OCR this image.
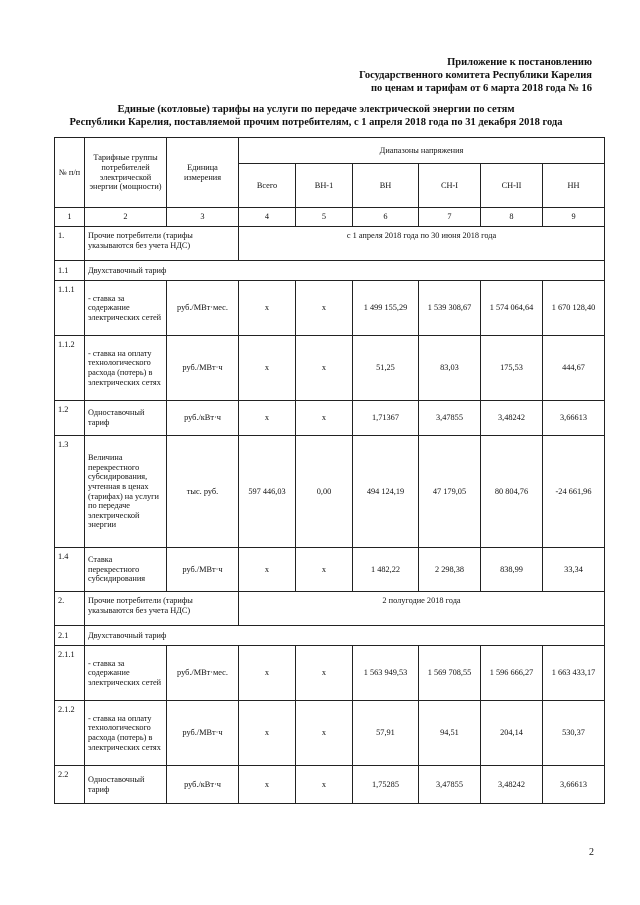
Приложение к постановлению
Государственного комитета Республики Карелия
по ценам и тарифам от 6 марта 2018 года № 16
Единые (котловые) тарифы на услуги по передаче электрической энергии по сетям
Республики Карелия, поставляемой прочим потребителям, с 1 апреля 2018 года по 31 декабря 2018 года
№ п/п	Тарифные группы потребителей электрической энергии (мощности)	Единица измерения	Диапазоны напряжения					
			Всего	ВН-1	ВН	СН-I	СН-II	НН
1	2	3	4	5	6	7	8	9
1.	Прочие потребители (тарифы указываются без учета НДС)		с 1 апреля 2018 года по 30 июня 2018 года					
1.1	Двухставочный тариф							
1.1.1	- ставка за содержание электрических сетей	руб./МВт·мес.	х	х	1 499 155,29	1 539 308,67	1 574 064,64	1 670 128,40
1.1.2	- ставка на оплату технологического расхода (потерь) в электрических сетях	руб./МВт·ч	х	х	51,25	83,03	175,53	444,67
1.2	Одноставочный тариф	руб./кВт·ч	х	х	1,71367	3,47855	3,48242	3,66613
1.3	Величина перекрестного субсидирования, учтенная в ценах (тарифах) на услуги по передаче электрической энергии	тыс. руб.	597 446,03	0,00	494 124,19	47 179,05	80 804,76	-24 661,96
1.4	Ставка перекрестного субсидирования	руб./МВт·ч	х	х	1 482,22	2 298,38	838,99	33,34
2.	Прочие потребители (тарифы указываются без учета НДС)		2 полугодие 2018 года					
2.1	Двухставочный тариф							
2.1.1	- ставка за содержание электрических сетей	руб./МВт·мес.	х	х	1 563 949,53	1 569 708,55	1 596 666,27	1 663 433,17
2.1.2	- ставка на оплату технологического расхода (потерь) в электрических сетях	руб./МВт·ч	х	х	57,91	94,51	204,14	530,37
2.2	Одноставочный тариф	руб./кВт·ч	х	х	1,75285	3,47855	3,48242	3,66613
2
